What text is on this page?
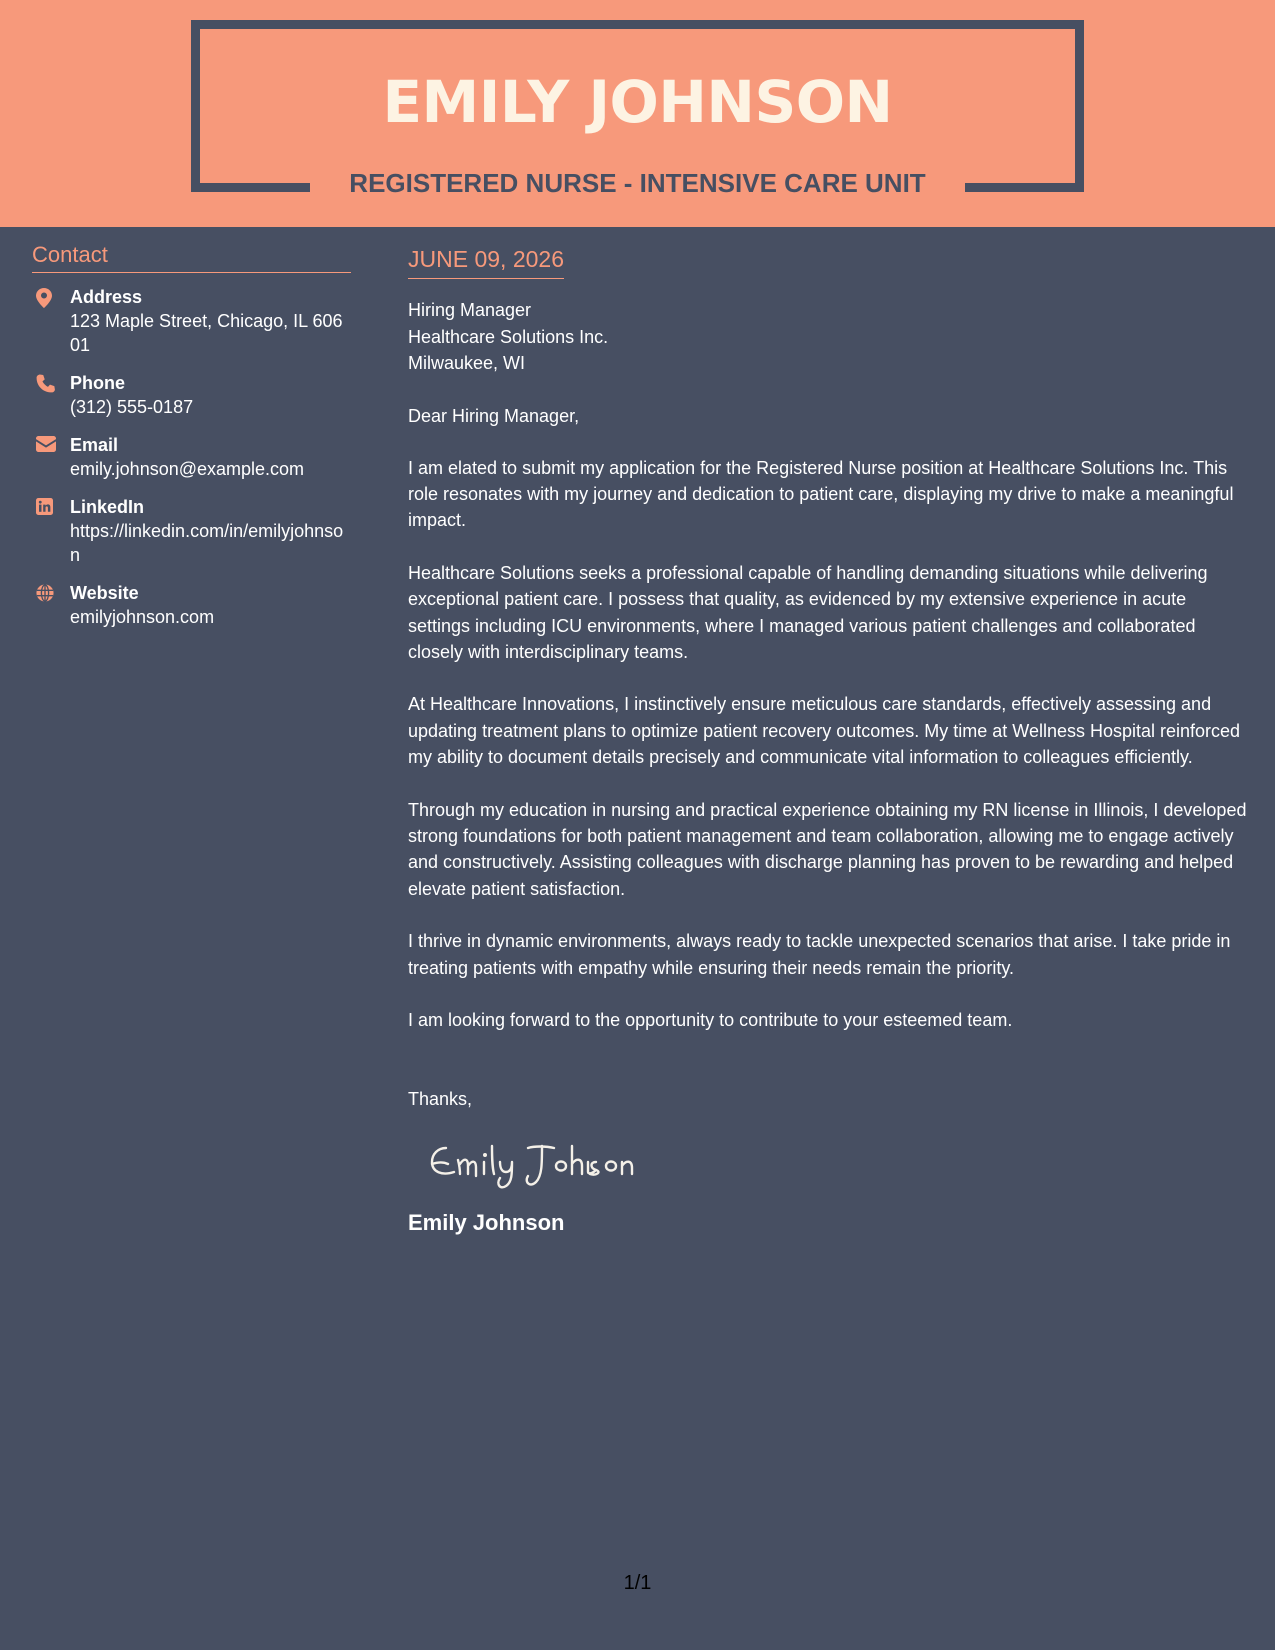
EMILY JOHNSON
REGISTERED NURSE - INTENSIVE CARE UNIT
Contact
Address
123 Maple Street, Chicago, IL 60601
Phone
(312) 555-0187
Email
emily.johnson@example.com
LinkedIn
https://linkedin.com/in/emilyjohnson
Website
emilyjohnson.com
JUNE 09, 2026
Hiring Manager
Healthcare Solutions Inc.
Milwaukee, WI
Dear Hiring Manager,
I am elated to submit my application for the Registered Nurse position at Healthcare Solutions Inc. This role resonates with my journey and dedication to patient care, displaying my drive to make a meaningful impact.
Healthcare Solutions seeks a professional capable of handling demanding situations while delivering exceptional patient care. I possess that quality, as evidenced by my extensive experience in acute settings including ICU environments, where I managed various patient challenges and collaborated closely with interdisciplinary teams.
At Healthcare Innovations, I instinctively ensure meticulous care standards, effectively assessing and updating treatment plans to optimize patient recovery outcomes. My time at Wellness Hospital reinforced my ability to document details precisely and communicate vital information to colleagues efficiently.
Through my education in nursing and practical experience obtaining my RN license in Illinois, I developed strong foundations for both patient management and team collaboration, allowing me to engage actively and constructively. Assisting colleagues with discharge planning has proven to be rewarding and helped elevate patient satisfaction.
I thrive in dynamic environments, always ready to tackle unexpected scenarios that arise. I take pride in treating patients with empathy while ensuring their needs remain the priority.
I am looking forward to the opportunity to contribute to your esteemed team.
Thanks,
Emily Johnson
1/1
